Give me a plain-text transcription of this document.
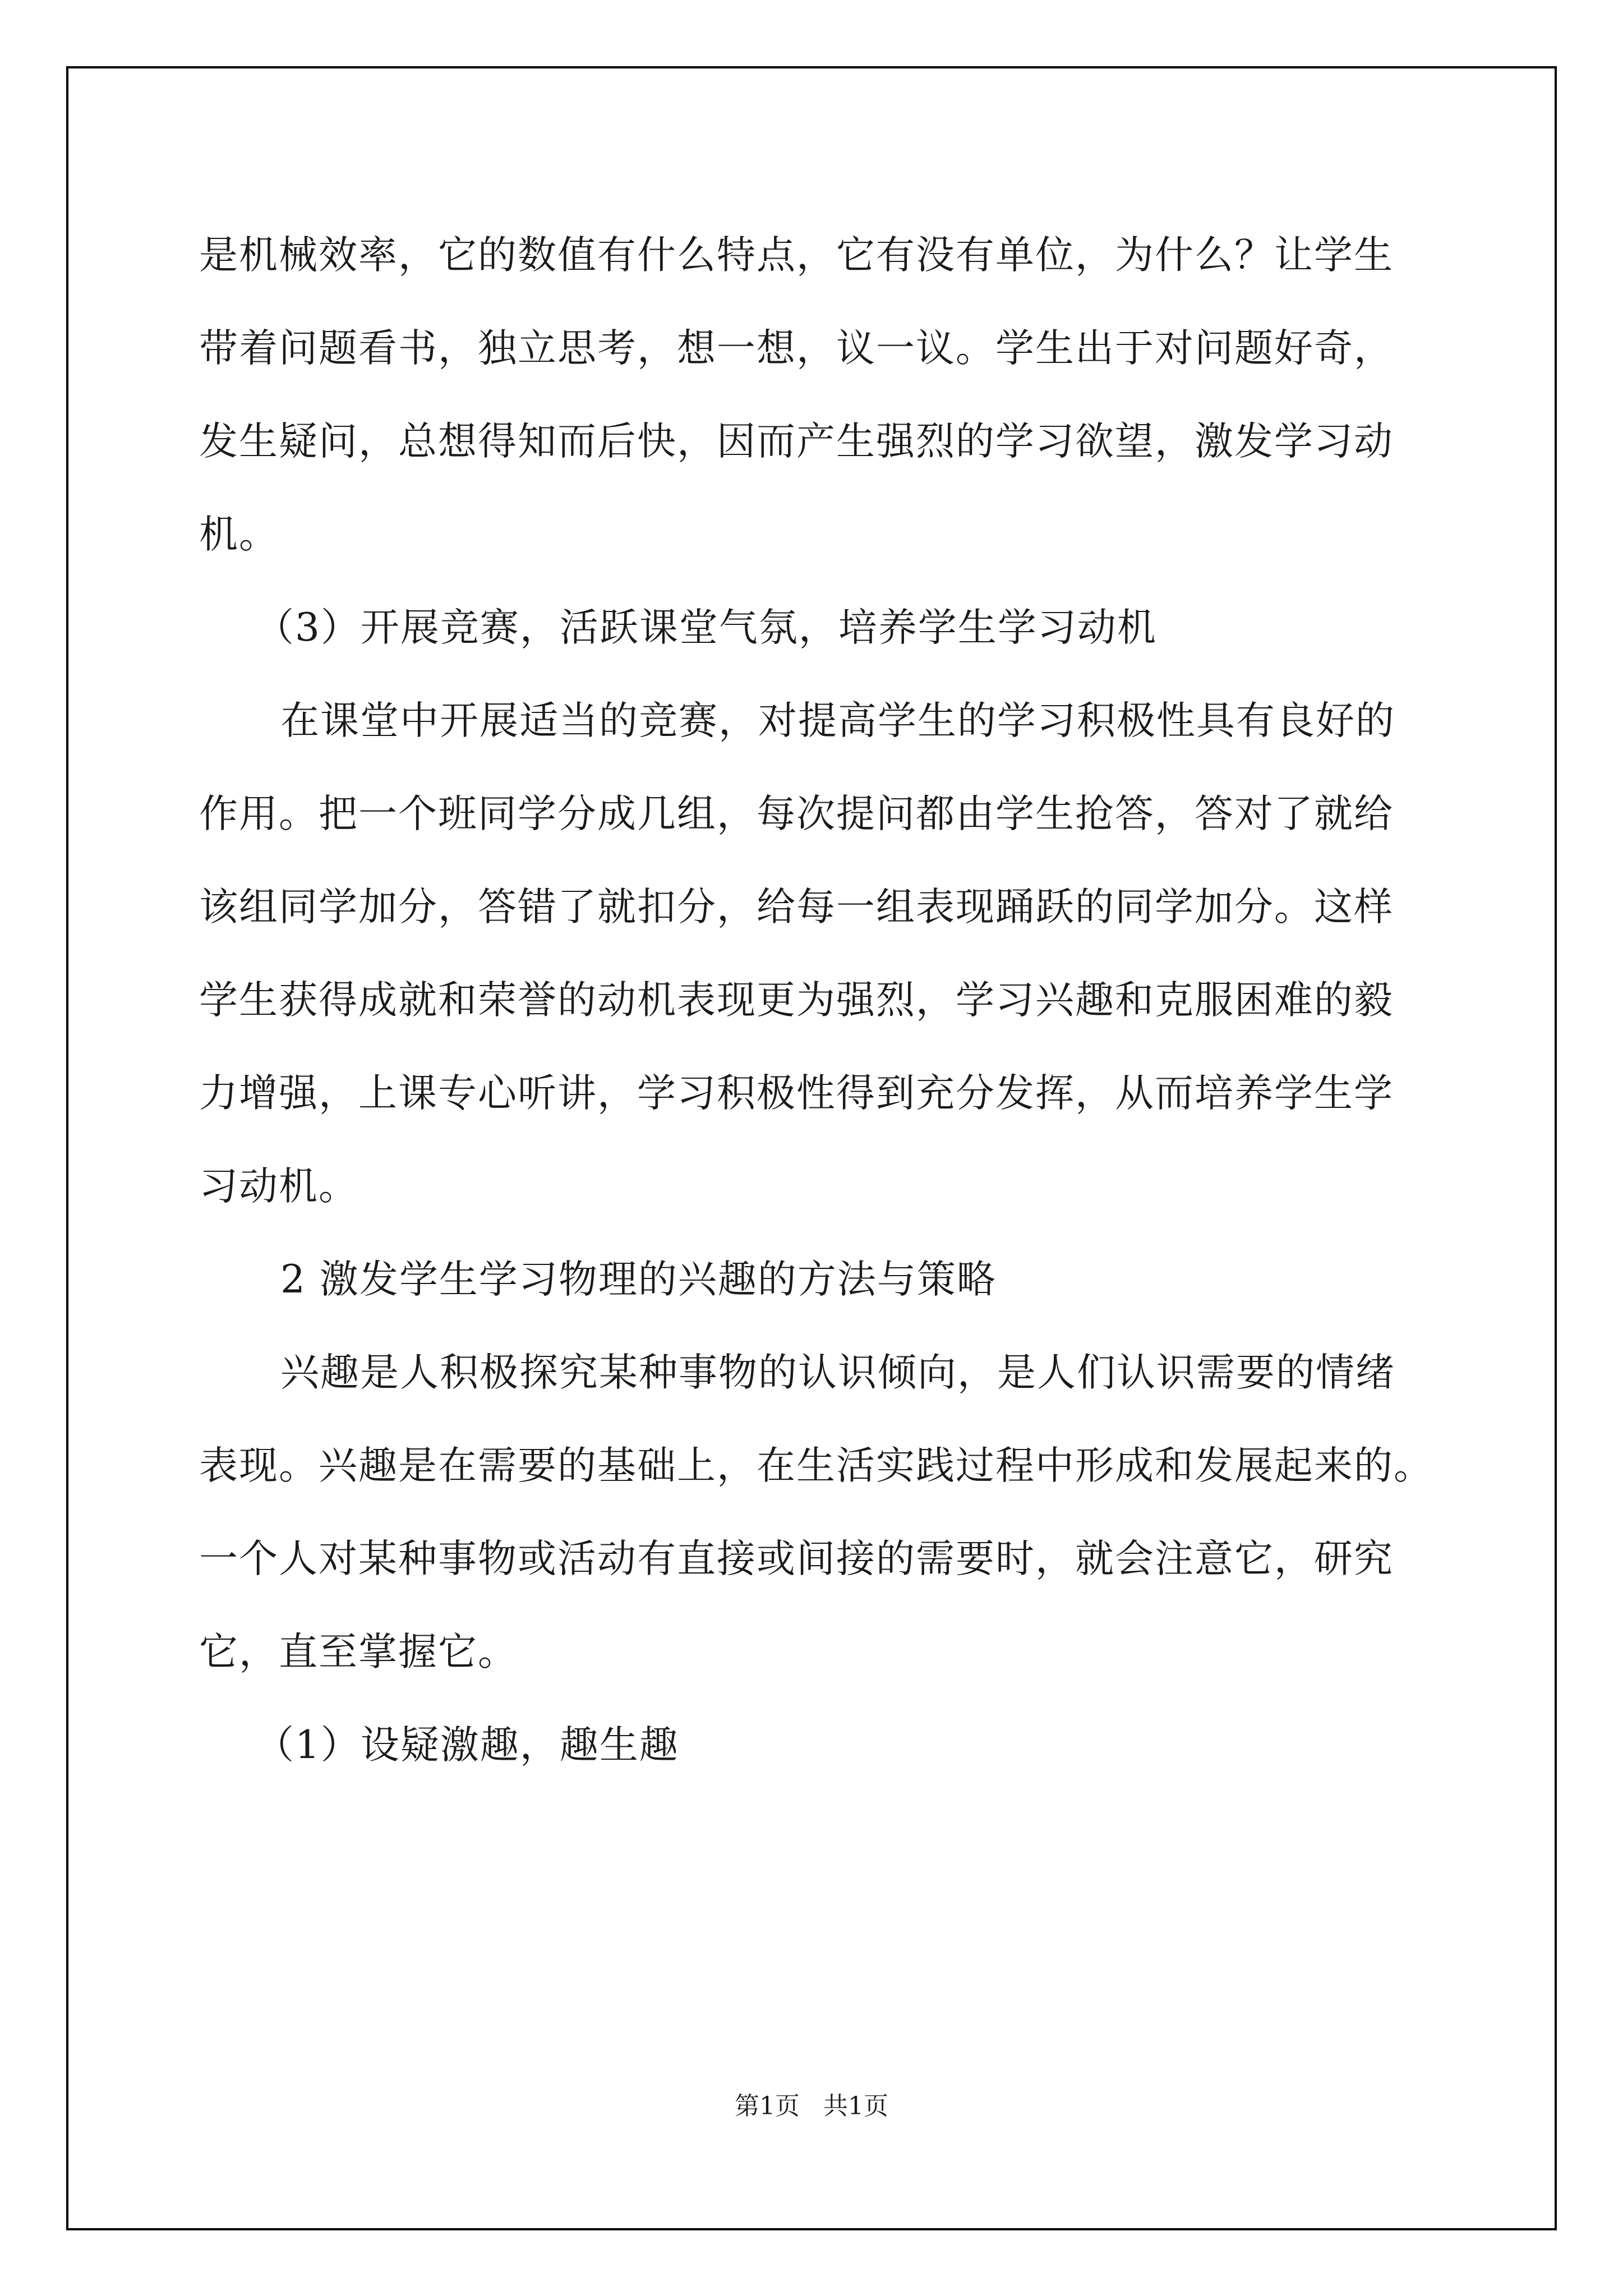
是机械效率，它的数值有什么特点，它有没有单位，为什么？让学生
带着问题看书，独立思考，想一想，议一议。学生出于对问题好奇，
发生疑问，总想得知而后快，因而产生强烈的学习欲望，激发学习动
机。
（3）开展竞赛，活跃课堂气氛，培养学生学习动机
在课堂中开展适当的竞赛，对提高学生的学习积极性具有良好的
作用。把一个班同学分成几组，每次提问都由学生抢答，答对了就给
该组同学加分，答错了就扣分，给每一组表现踊跃的同学加分。这样
学生获得成就和荣誉的动机表现更为强烈，学习兴趣和克服困难的毅
力增强，上课专心听讲，学习积极性得到充分发挥，从而培养学生学
习动机。
2 激发学生学习物理的兴趣的方法与策略
兴趣是人积极探究某种事物的认识倾向，是人们认识需要的情绪
表现。兴趣是在需要的基础上，在生活实践过程中形成和发展起来的。
一个人对某种事物或活动有直接或间接的需要时，就会注意它，研究
它，直至掌握它。
（1）设疑激趣，趣生趣
第1页   共1页
